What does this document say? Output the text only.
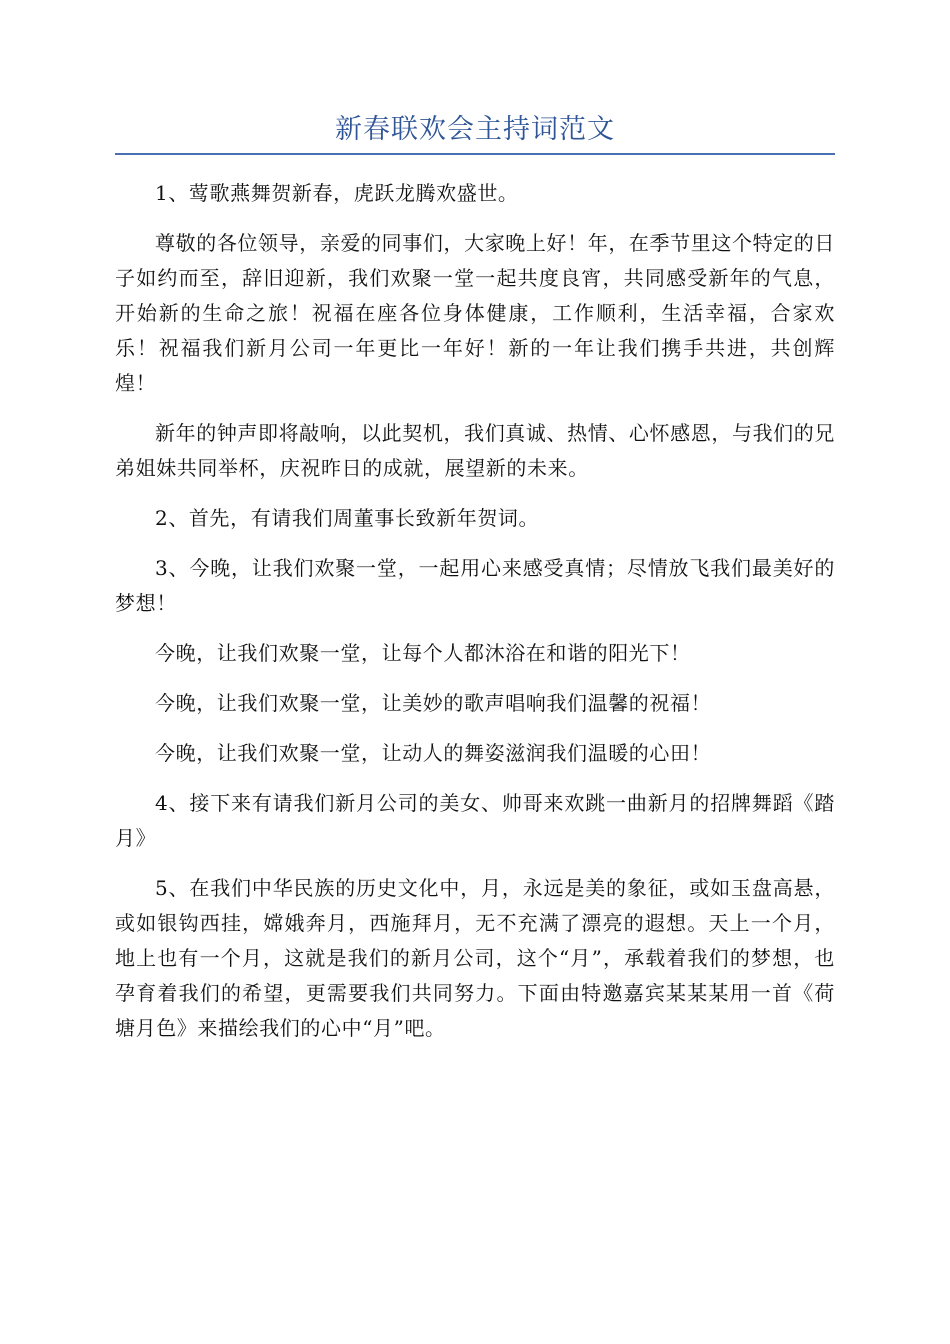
新春联欢会主持词范文

1、莺歌燕舞贺新春，虎跃龙腾欢盛世。

尊敬的各位领导，亲爱的同事们，大家晚上好！年，在季节里这个特定的日子如约而至，辞旧迎新，我们欢聚一堂一起共度良宵，共同感受新年的气息，开始新的生命之旅！祝福在座各位身体健康，工作顺利，生活幸福，合家欢乐！祝福我们新月公司一年更比一年好！新的一年让我们携手共进，共创辉煌！

新年的钟声即将敲响，以此契机，我们真诚、热情、心怀感恩，与我们的兄弟姐妹共同举杯，庆祝昨日的成就，展望新的未来。

2、首先，有请我们周董事长致新年贺词。

3、今晚，让我们欢聚一堂，一起用心来感受真情；尽情放飞我们最美好的梦想！

今晚，让我们欢聚一堂，让每个人都沐浴在和谐的阳光下！

今晚，让我们欢聚一堂，让美妙的歌声唱响我们温馨的祝福！

今晚，让我们欢聚一堂，让动人的舞姿滋润我们温暖的心田！

4、接下来有请我们新月公司的美女、帅哥来欢跳一曲新月的招牌舞蹈《踏月》

5、在我们中华民族的历史文化中，月，永远是美的象征，或如玉盘高悬，或如银钩西挂，嫦娥奔月，西施拜月，无不充满了漂亮的遐想。天上一个月，地上也有一个月，这就是我们的新月公司，这个“月”，承载着我们的梦想，也孕育着我们的希望，更需要我们共同努力。下面由特邀嘉宾某某某用一首《荷塘月色》来描绘我们的心中“月”吧。
